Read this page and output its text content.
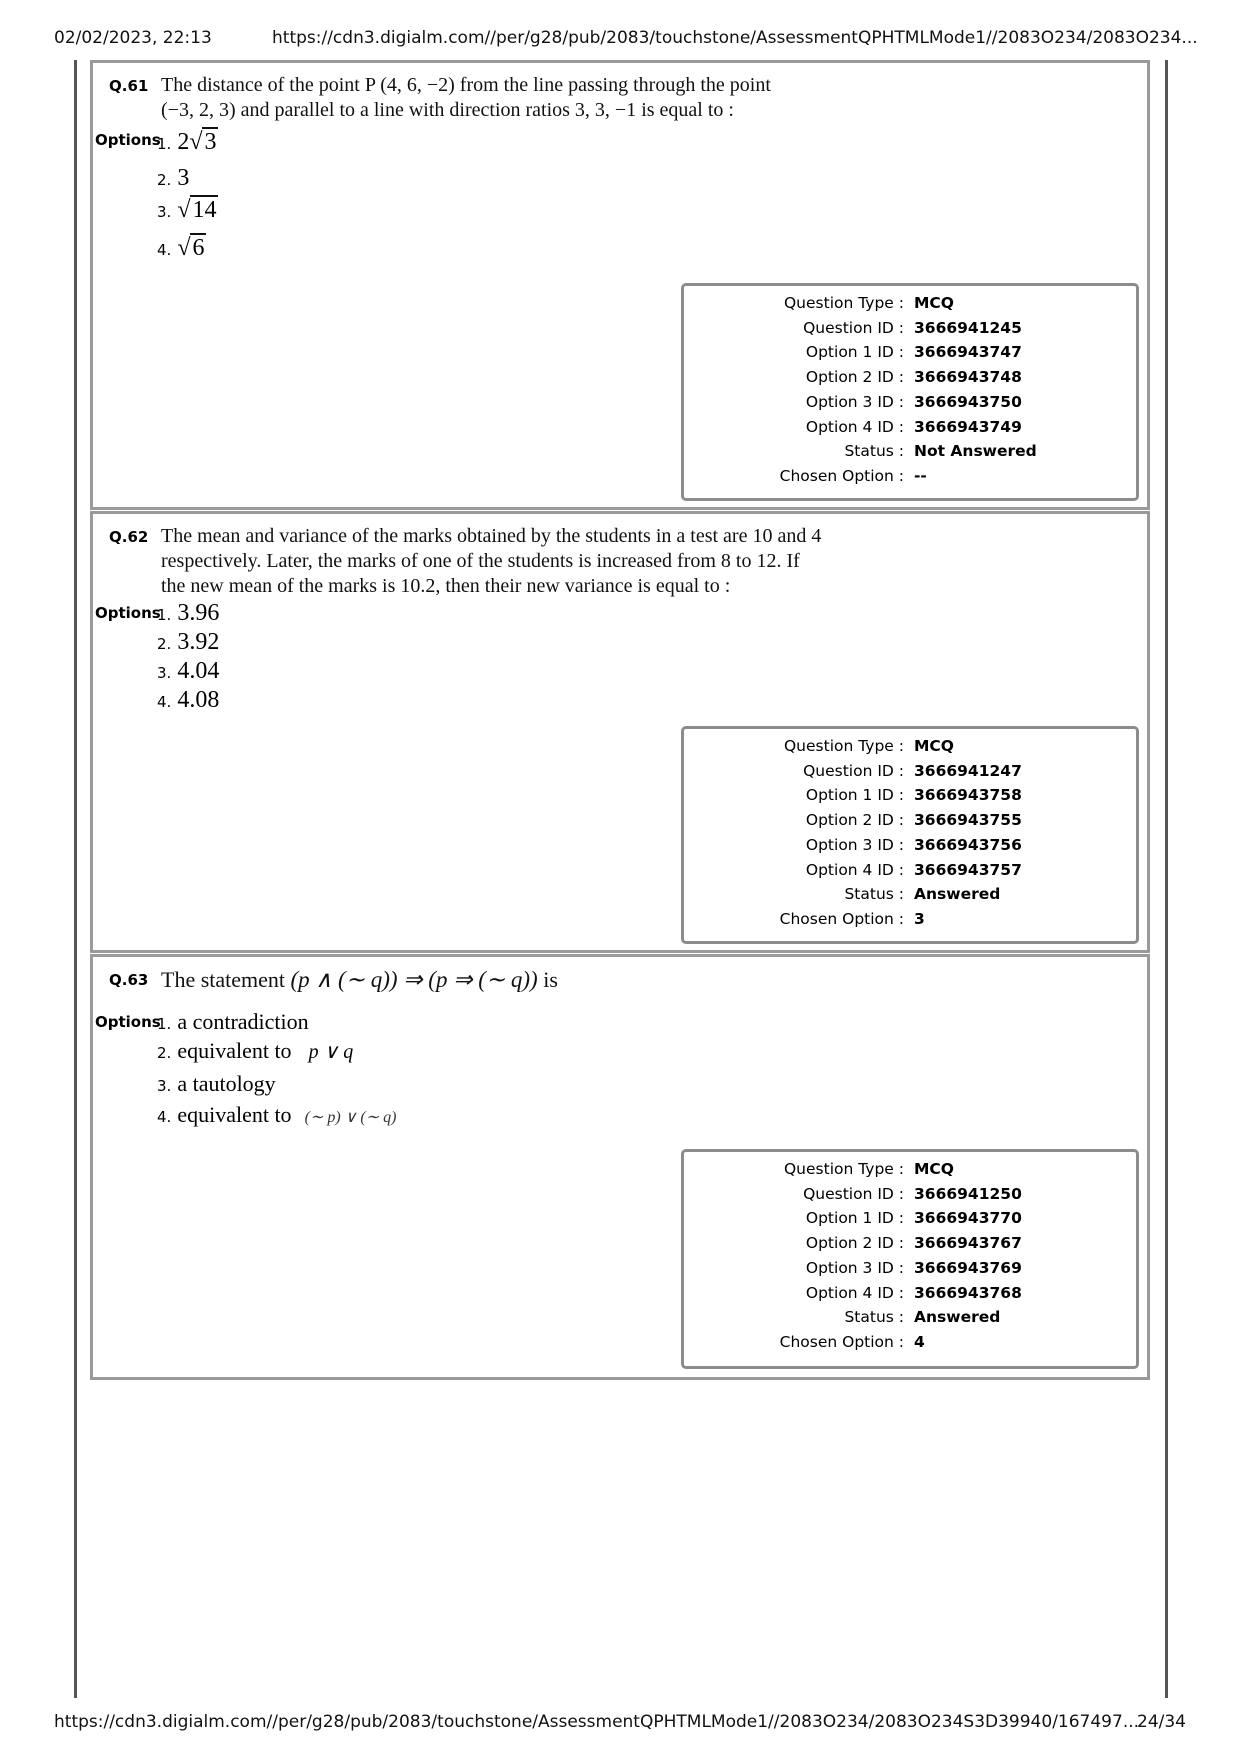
02/02/2023, 22:13	https://cdn3.digialm.com//per/g28/pub/2083/touchstone/AssessmentQPHTMLMode1//2083O234/2083O234...
Q.61 The distance of the point P (4, 6, −2) from the line passing through the point
(−3, 2, 3) and parallel to a line with direction ratios 3, 3, −1 is equal to :
Options
1. 2√3
2. 3
3. √14
4. √6
Question Type : MCQ
Question ID : 3666941245
Option 1 ID : 3666943747
Option 2 ID : 3666943748
Option 3 ID : 3666943750
Option 4 ID : 3666943749
Status : Not Answered
Chosen Option : --
Q.62 The mean and variance of the marks obtained by the students in a test are 10 and 4
respectively. Later, the marks of one of the students is increased from 8 to 12. If
the new mean of the marks is 10.2, then their new variance is equal to :
Options
1. 3.96
2. 3.92
3. 4.04
4. 4.08
Question Type : MCQ
Question ID : 3666941247
Option 1 ID : 3666943758
Option 2 ID : 3666943755
Option 3 ID : 3666943756
Option 4 ID : 3666943757
Status : Answered
Chosen Option : 3
Q.63 The statement (p ∧ (∼ q)) ⇒ (p ⇒ (∼ q)) is
Options
1. a contradiction
2. equivalent to p ∨ q
3. a tautology
4. equivalent to (∼ p) ∨ (∼ q)
Question Type : MCQ
Question ID : 3666941250
Option 1 ID : 3666943770
Option 2 ID : 3666943767
Option 3 ID : 3666943769
Option 4 ID : 3666943768
Status : Answered
Chosen Option : 4
https://cdn3.digialm.com//per/g28/pub/2083/touchstone/AssessmentQPHTMLMode1//2083O234/2083O234S3D39940/167497...
24/34
